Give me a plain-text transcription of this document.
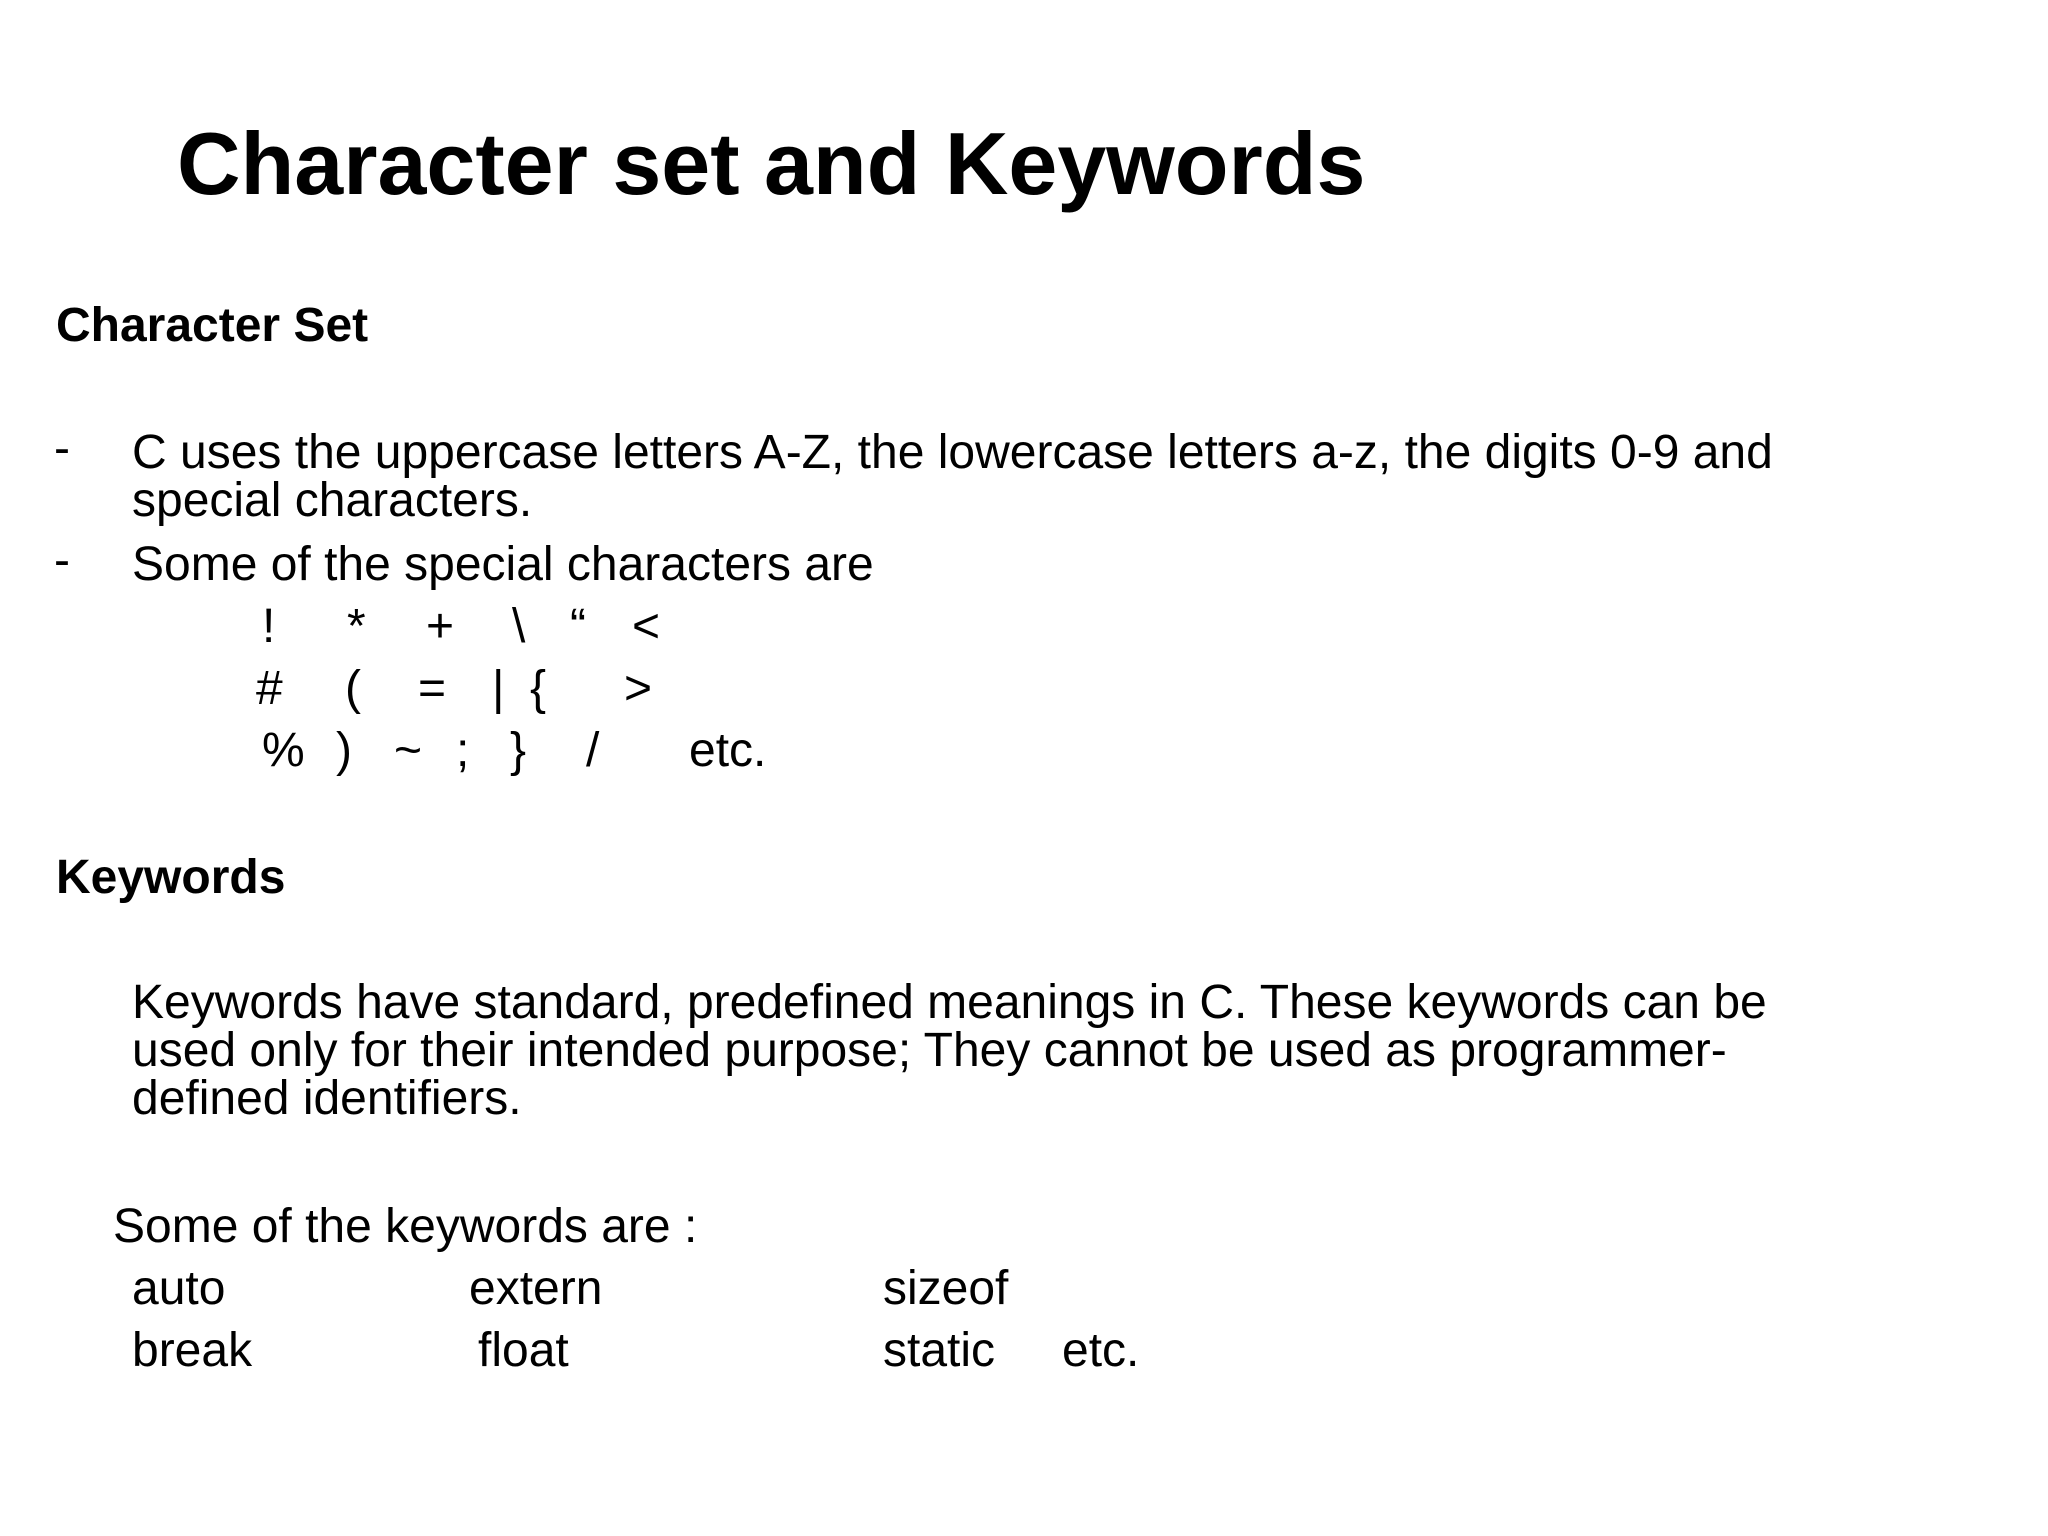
Character set and Keywords
Character Set
- C uses the uppercase letters A-Z, the lowercase letters a-z, the digits 0-9 and
special characters.
- Some of the special characters are
! * + \ “ <
# ( = | { >
% ) ~ ; } / etc.
Keywords
Keywords have standard, predefined meanings in C. These keywords can be
used only for their intended purpose; They cannot be used as programmer-
defined identifiers.
Some of the keywords are :
auto	extern	sizeof
break	float	static etc.
